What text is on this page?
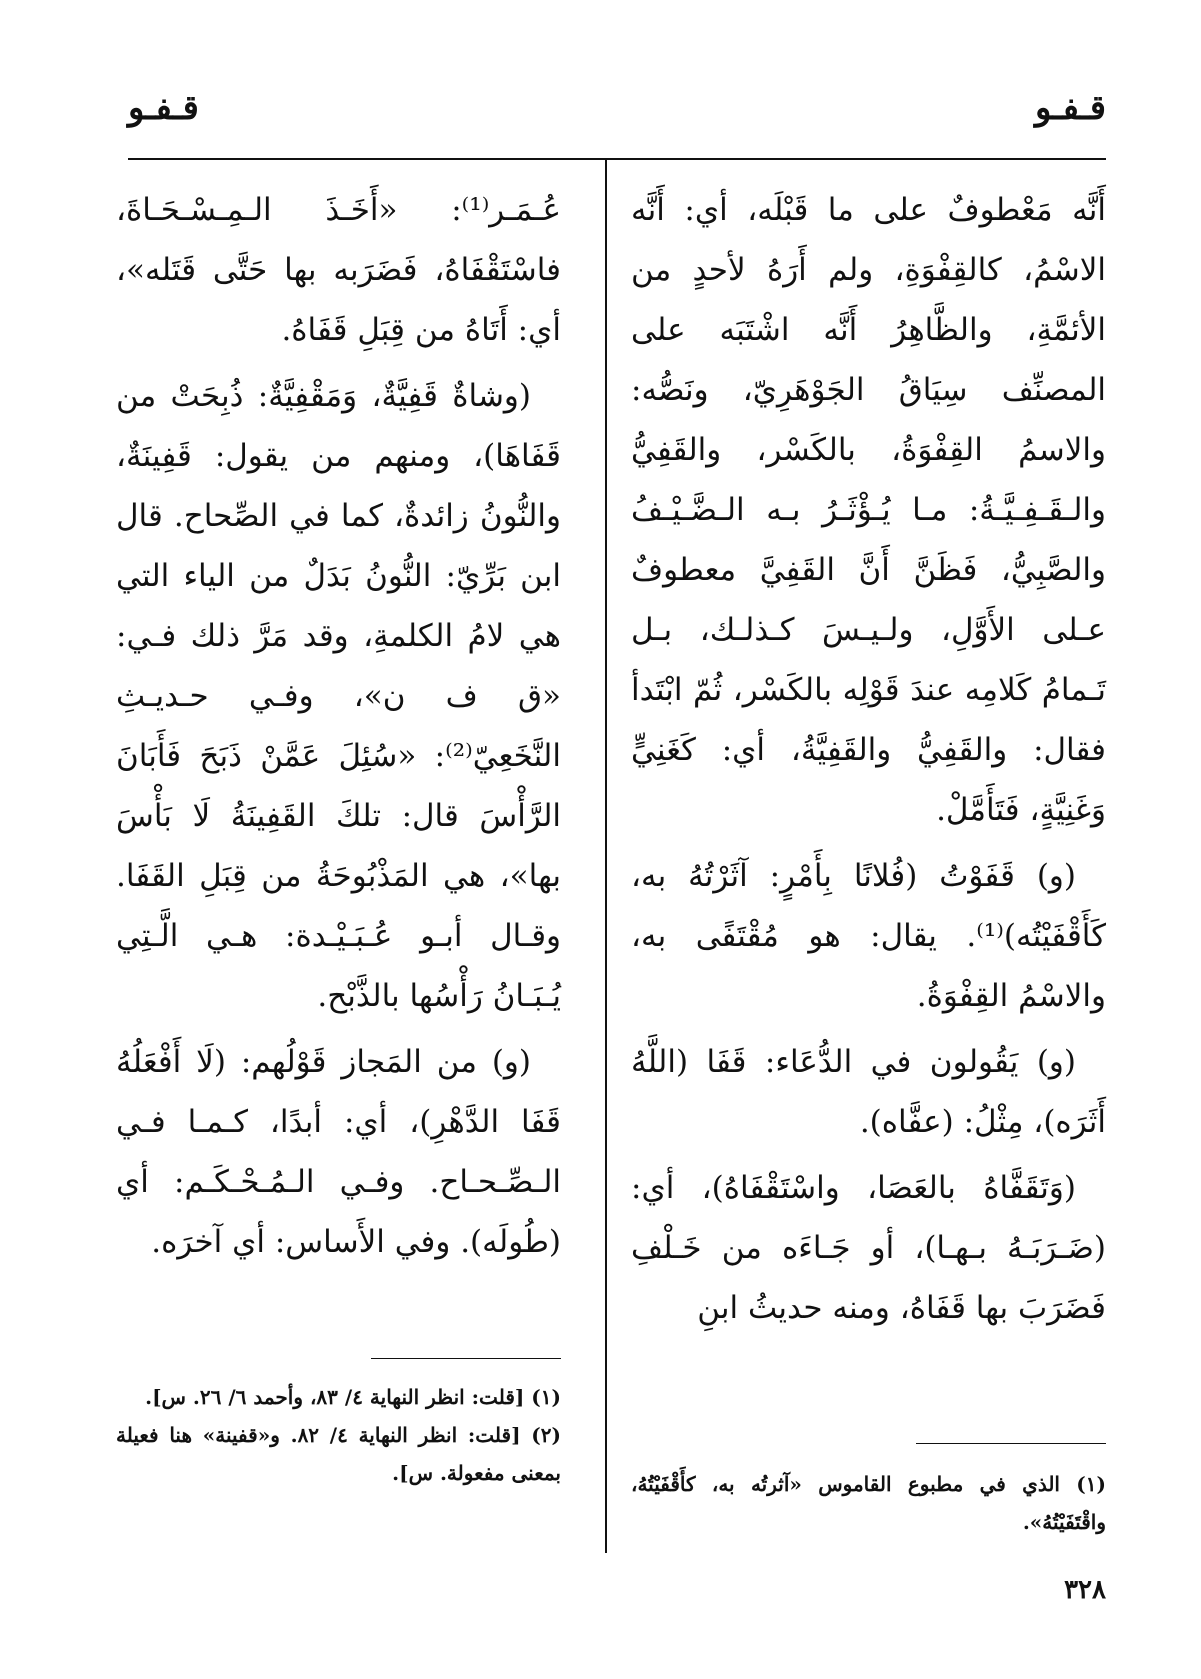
قـفـو
قـفـو

أَنَّه مَعْطوفٌ على ما قَبْلَه، أي: أَنَّه الاسْمُ، كالقِفْوَةِ، ولم أَرَهُ لأحدٍ من الأئمَّةِ، والظَّاهِرُ أَنَّه اشْتَبَه على المصنِّف سِيَاقُ الجَوْهَرِيّ، ونَصُّه: والاسمُ القِفْوَةُ، بالكَسْر، والقَفِيُّ والـقَـفِـيَّـةُ: مـا يُـؤْثَـرُ بـه الـضَّـيْـفُ والصَّبِيُّ، فَظَنَّ أَنَّ القَفِيَّ معطوفٌ عـلى الأَوَّلِ، ولـيـسَ كـذلـك، بـل تَـمامُ كَلامِه عندَ قَوْلِه بالكَسْر، ثُمّ ابْتَدأ فقال: والقَفِيُّ والقَفِيَّةُ، أي: كَغَنِيٍّ وَغَنِيَّةٍ، فَتَأَمَّلْ.

(و) قَفَوْتُ (فُلانًا بِأَمْرٍ: آثَرْتُهُ به، كَأَقْفَيْتُه)⁽¹⁾. يقال: هو مُقْتَفًى به، والاسْمُ القِفْوَةُ.

(و) يَقُولون في الدُّعَاء: قَفَا (اللَّهُ أَثَرَه)، مِثْلُ: (عفَّاه).

(وَتَقَفَّاهُ بالعَصَا، واسْتَقْفَاهُ)، أي: (ضَـرَبَـهُ بـهـا)، أو جَـاءَه من خَـلْفِ فَضَرَبَ بها قَفَاهُ، ومنه حديثُ ابنِ

عُـمَـر⁽¹⁾: «أَخَـذَ الـمِـسْـحَـاةَ، فاسْتَقْفَاهُ، فَضَرَبه بها حَتَّى قَتَله»، أي: أَتَاهُ من قِبَلِ قَفَاهُ.

(وشاةٌ قَفِيَّةٌ، وَمَقْفِيَّةٌ: ذُبِحَتْ من قَفَاهَا)، ومنهم من يقول: قَفِينَةٌ، والنُّونُ زائدةٌ، كما في الصِّحاح. قال ابن بَرِّيّ: النُّونُ بَدَلٌ من الياء التي هي لامُ الكلمةِ، وقد مَرَّ ذلك فـي: «ق ف ن»، وفـي حـديـثِ النَّخَعِيّ⁽²⁾: «سُئِلَ عَمَّنْ ذَبَحَ فَأَبَانَ الرَّأْسَ قال: تلكَ القَفِينَةُ لَا بَأْسَ بها»، هي المَذْبُوحَةُ من قِبَلِ القَفَا. وقـال أبـو عُـبَـيْـدة: هـي الَّـتِي يُـبَـانُ رَأْسُها بالذَّبْح.

(و) من المَجاز قَوْلُهم: (لَا أَفْعَلُهُ قَفَا الدَّهْرِ)، أي: أبدًا، كـمـا فـي الـصِّـحـاح. وفـي الـمُـحْـكَـم: أي (طُولَه). وفي الأَساس: أي آخرَه.

(١) الذي في مطبوع القاموس «آثرتُه به، كأَقْفَيْتُهُ، واقْتَفَيْتُهُ».
(١) [قلت: انظر النهاية ٤/ ٨٣، وأحمد ٦/ ٢٦. س].
(٢) [قلت: انظر النهاية ٤/ ٨٢. و«قفينة» هنا فعيلة بمعنى مفعولة. س].
٣٢٨
